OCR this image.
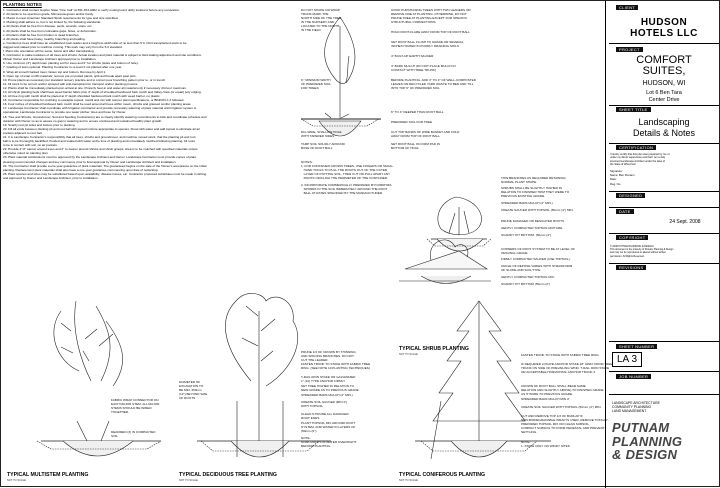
PLANTING NOTES
1. Contractor shall contact Gopher State "One Call" at 651-454-0002 to verify underground utility locations before any excavation.
2. All plants to be specimen grade, Minnesota-grown and/or hardy.
3. Plants to meet American Standard Stock requirements for type and size specified.
4. Planting shall adhere to, but is not limited by, the following standards:
a. All plants shall be free from disease, pests, wounds, scars, etc.
b. All plants shall be free from noticeable gaps, holes, or deformities.
c. All plants shall be free from broken or dead branches.
d. All plants shall have heavy, healthy branching and leafing.
e. Coniferous trees shall have an established main leader and a height-to-width ratio of no less than 5:3. Omit transplanted stock to be
dugged and staked prior to machine moving. This work may vary from the 5:3 standard.
f. Plant size orientation will be same, below and after transplanting.
5. Contractor to stake locations of all trees and shrubs. Actual location and plant material is subject to field staking adjustment and site conditions.
Obtain Owner and Landscape Architect approval prior to installation.
6. Use minimum (3") depth loam planting soil for trees and 6" for shrubs (sides and bottom of hole).
7. Grading of loam optional. Planting Contractor to re-level if not planted after one year.
8. Wrap all smooth barked trees; fasten top and bottom. Remove by April 1.
9. Open top of wrap on 80 materials; remove pot on potted plants; split and break apart peat pots.
10. Prune plants as necessary per standard nursery practice and to correct poor branching pattern prior to, or in trench.
11. All stock to be correct and/or sprayed with anti-transpirant for transport and/or planting process.
12. Plants shall be immediately planted upon arrival at site. Properly heel-in and water all material only if necessary 24-hour maximum.
13. All shrub planting beds shall have weed barrier fabric plus 4" depth of shredded hardwood bark mulch and Valley-View (or equal) poly edging.
14. All tree ring with mulch shall be placed at 4" depth shredded hardwood bark mulch with weed barrier, no plastic.
15. Contractor responsible for mulching to stockpile topsoil, rototill and mix with soil per plant specifications, or BINDOV-1 if followed.
16. Four inches of shredded hardwood bark mulch shall be used around all trees within mown, shrubs and grassed conifer planting areas.
17. Landscape Contractor shall coordinate with Irrigation Contractor and provide necessary watering of plant material until irrigation system is
operational. Landscape Contractor to provide one water pitcher, lines and hose for Owner.
18. Tree and Shrubs, Groundcover, Sod and Seeding Contractor(s) are to clearly identify watering commitments to bids and coordinate schedule and
duration with Owner so as to assure no gap in watering and to ensure continued and sustained healthy plant growth.
19. Scarify root pit sides and bottom prior to planting.
20. Fill all voids between planting pit and root ball with topsoil mixture appropriate to species. Flood with water and add topsoil to eliminate all air
pockets adjacent to root ball.
21. It is Landscape Contractor's responsibility that all trees, shrubs and groundcover, and machine moved stock, that the planting pit and root
ball is to be thoroughly backfilled, flooded and soaked with water at the time of planting and immediately mulched following planting. All roots
to be in contact with soil, no air pockets.
22. Provide 4"-6" saucer around trees and 2" to saucer around shrubs and shrub groups. Area is to be mulched with specified materials unless
otherwise noted on planting plan.
23. Plant material substitutions must be approved by the Landscape Architect and Owner. Landscape Contractor must provide copies of plant
cleaning recommended changes and key commence prior to final approval by Owner and Landscape Architect and installation.
24. The Contractor shall provide a one-year guarantee of plant materials. The guaranteed begins on the date of the Owner's acceptance on the initial
planting. Replacement plant materials shall also have a one-year guarantee commencing upon date of replanting.
25. Plant species and sizes may be substituted based upon availability, disease issues, etc. Contractor proposed substitutes must be made in writing
and approved by Owner and Landscape Architect, prior to installation.
DO NOT SHAPE OR WRAP
TRUNK MARK THE
NORTH SIDE OF THE TREE
IN THE NURSERY AND
LOCATED TO THE NORTH
IN THE FIELD
8 " MINIMUM WIDTH
OF PREPARED SOIL
FOR TREES
DIG WIDE, SHALLOW HOLE
WITH TAPERED SIDES
TAMP SOIL SOLIDLY AROUND
BASE OF ROOT BALL
AVOID PURCHASING TREES WITH TWO LEADERS OR
REMOVE ONE AT PLANTING. OTHERWISE, DO NOT
PRUNE TREE AT PLANTING EXCEPT FOR SPECIFIC
STRUCTURAL CORRECTIONS.
HOLD ROOT-FLARE AWAY FROM TOP OF ROOT BALL
SET ROOT BALL FLUSH TO GRADE OR SEVERAL
INCHES HIGHER IN POORLY DRAINING SOILS
4" BUILT-UP EARTH SAUCER
4" BARK MULCH (DO NOT PLACE MULCH IN
CONTACT WITH TREE TRUNK)
BEFORE PLANTING, ADD 3" TO 4" OF WELL-COMPOSTED
LEAVES OR RECYCLED YARD WASTE TO BED AND TILL
INTO TOP 6" OF PREPARED SOIL
6" TO 4" DEEPER THAN ROOT BALL
PREPARED SOIL FOR TREE
CUT TOP BANDS OF WIRE BASKET AND FOLD
AWAY FROM TOP OF ROOT BALL
SET ROOT BALL ON FIRM PAD IN
BOTTOM OF HOLE
NOTES:
1. FOR CONTAINER GROWN TREES, USE FINGERS OR SMALL
HAND TOOLS TO PULL THE ROOTS OUT OF THE OUTER
LAYER OF POTTING SOIL, THEN CUT OR PULL APART ANY
ROOTS CIRCLING THE PERIMETER OF THE CONTAINER.

2. INCORPORATE COMMERCIALLY PREPARED MYCORRHIZA
SPORES IN THE SOIL IMMEDIATELY AROUND THE ROOT
BALL AT RATES SPECIFIED BY THE MANUFACTURER.
THIN BRANCHES AS REQUIRED RETAINING
NORMAL PLANT SHAPE.
SHRUBS SHALL BE SLIGHTLY HIGHER IN
RELATION TO FINISHED TRIM THEY WERE TO
PREVIOUS EXISTING GRADE.
SHREDDED BARK MULCH (4" MIN.)
CREATE SAUCER WITH TOPSOIL (50mm (4") MIN.
PRUNE DAMAGED OR DESICATED ROOTS
GENTLY COMPACTED TOPSOIL MIXTURE.
SCARIFY PIT BOTTOM. (50mm (4")
CORNERS OF ROOT SYSTEM TO BE AT LEVEL OF
ORIGINAL GRADE.
FIRMLY COMPACTED SAUCER (USE TOPSOIL).
ANGLE OF REPOSE VARIES WITH STRAWFORM
OF SLOPE AND SOIL TYPE.
GENTLY COMPACTED TOPSOIL MIX.
SCARIFY PIT BOTTOM (50mm (2")
TYPICAL SHRUB PLANTING
NOT TO SCALE
FABRIC WRAP CONNECTOR ON
EACH MAJOR STEM. ALL MAJOR
STEMS SHOULD BE WIRED
TOGETHER.
DEADMEN (3) IN COMPACTED
SOIL
TYPICAL MULTISTEM PLANTING
NOT TO SCALE
DIAMETER OF
EXCAVATION TO
BE MIN. 300mm
(12") BEYOND SIZE
OF ROOTS
PRUNE 1/3 OF CROWN BY THINNING
AND SPACING BRANCHES. DO NOT
CUT THE LEADER.
FASTEN TRUNK TO STAKE WITH FABRIC TREE
RING. (SEE NOTE 10 PLANTING TECHNIQUES)
T-RAIL IRON STAKE OR GALVANIZED
1" (12) TYPE ANCHOR FIRMLY
SET TREE HIGHER IN RELATION TO
NEW GRADE AS TO PREVIOUS GRADE.
SHREDDED BARK MULCH (4" MIN.)
CREATE SOIL SAUCER (MIN 4")
WITH TOPSOIL
CLEAN N PRUNE ALL DAMAGED
ROOT ENDS.
PLANT TOPSOIL MIX AROUND ROOT
SYSTEM, AND WATER IN LAYERS OF
(90mm (6").
NOTE:
SOAK ROOTS IN WATER OVERNIGHT
BEFORE PLANTING.
TYPICAL DECIDUOUS TREE PLANTING
NOT TO SCALE
FASTEN TRUNK TO STAKE WITH FABRIC TREE RING
IF REQUIRED LOCATE ANCHOR STAKE 18" AWAY FROM TREE
TRUNK ON SIDE OF PREVAILING WIND. T-RAIL IRON STAKE
OR ACCEPTABLE HORIZONTAL ANCHOR TRUNK 3
CROWN OF ROOT BALL SHALL BEAR SAME
RELATION AND SLIGHTLY ABOVE) TO FINISHED GRADE
AS IT BORE TO PREVIOUS GRADE.
SHREDDED BARK MULCH MIN 4"
CREATE SOIL SAUCER WITH TOPSOIL (50mm (4") MIN.
CUT AND REMOVE TOP 1/3 OF BURLAP IF
NON-BIODEGRADABLE WRAP IS USED, REMOVE TOTALLY.
PREPARED TOPSOIL MIX OR CLEAN SUBSOIL.
COMPACT SUBSOIL TO FORM PEDESTAL AND PREVENT
SETTLING.
NOTE:
1. STAKE ONLY ON WINDY SITES
TYPICAL CONIFEROUS PLANTING
NOT TO SCALE
CLIENT
HUDSON
HOTELS LLC
PROJECT
COMFORT
SUITES,
HUDSON, WI
Lot 6 Ben Tara
Center Drive
SHEET TITLE
Landscaping
Details & Notes
CERTIFICATION
I hereby certify that this plan was prepared by me or
under my direct supervision and that I am a duly
Licensed Landscape Architect under the laws of
the State of Wisconsin.
Signature:
Name: Ben Putnam
Date:
Reg. No.
DESIGNED
DATE
24 Sept. 2008
COPYRIGHT
© 2008 PUTNAM PLANNING & DESIGN
This document is the property of Putnam Planning & Design
and may not be reproduced or altered without written
permission. All Rights Reserved.
REVISIONS
SHEET NUMBER
LA 3
JOB NUMBER
LANDSCAPE ARCHITECTURE
COMMUNITY PLANNING
LAND MANAGEMENT
PUTNAM
PLANNING
& DESIGN
